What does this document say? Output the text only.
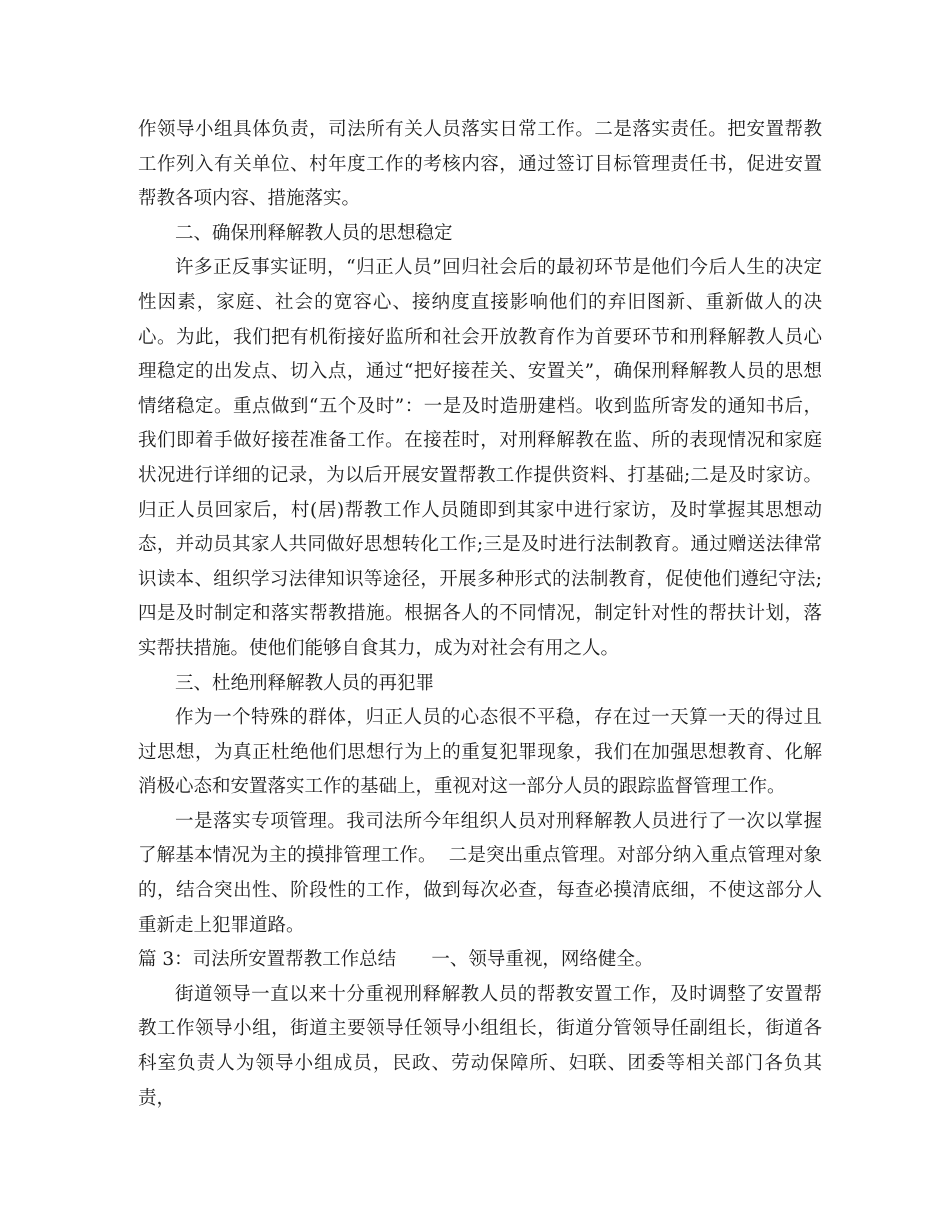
作领导小组具体负责，司法所有关人员落实日常工作。二是落实责任。把安置帮教工作列入有关单位、村年度工作的考核内容，通过签订目标管理责任书，促进安置帮教各项内容、措施落实。

二、确保刑释解教人员的思想稳定

许多正反事实证明，“归正人员”回归社会后的最初环节是他们今后人生的决定性因素，家庭、社会的宽容心、接纳度直接影响他们的弃旧图新、重新做人的决心。为此，我们把有机衔接好监所和社会开放教育作为首要环节和刑释解教人员心理稳定的出发点、切入点，通过“把好接茬关、安置关”，确保刑释解教人员的思想情绪稳定。重点做到“五个及时”：一是及时造册建档。收到监所寄发的通知书后，我们即着手做好接茬准备工作。在接茬时，对刑释解教在监、所的表现情况和家庭状况进行详细的记录，为以后开展安置帮教工作提供资料、打基础;二是及时家访。归正人员回家后，村(居)帮教工作人员随即到其家中进行家访，及时掌握其思想动态，并动员其家人共同做好思想转化工作;三是及时进行法制教育。通过赠送法律常识读本、组织学习法律知识等途径，开展多种形式的法制教育，促使他们遵纪守法;四是及时制定和落实帮教措施。根据各人的不同情况，制定针对性的帮扶计划，落实帮扶措施。使他们能够自食其力，成为对社会有用之人。

三、杜绝刑释解教人员的再犯罪

作为一个特殊的群体，归正人员的心态很不平稳，存在过一天算一天的得过且过思想，为真正杜绝他们思想行为上的重复犯罪现象，我们在加强思想教育、化解消极心态和安置落实工作的基础上，重视对这一部分人员的跟踪监督管理工作。

一是落实专项管理。我司法所今年组织人员对刑释解教人员进行了一次以掌握了解基本情况为主的摸排管理工作。  二是突出重点管理。对部分纳入重点管理对象的，结合突出性、阶段性的工作，做到每次必查，每查必摸清底细，不使这部分人重新走上犯罪道路。

篇 3：司法所安置帮教工作总结      一、领导重视，网络健全。

街道领导一直以来十分重视刑释解教人员的帮教安置工作，及时调整了安置帮教工作领导小组，街道主要领导任领导小组组长，街道分管领导任副组长，街道各科室负责人为领导小组成员，民政、劳动保障所、妇联、团委等相关部门各负其责，
